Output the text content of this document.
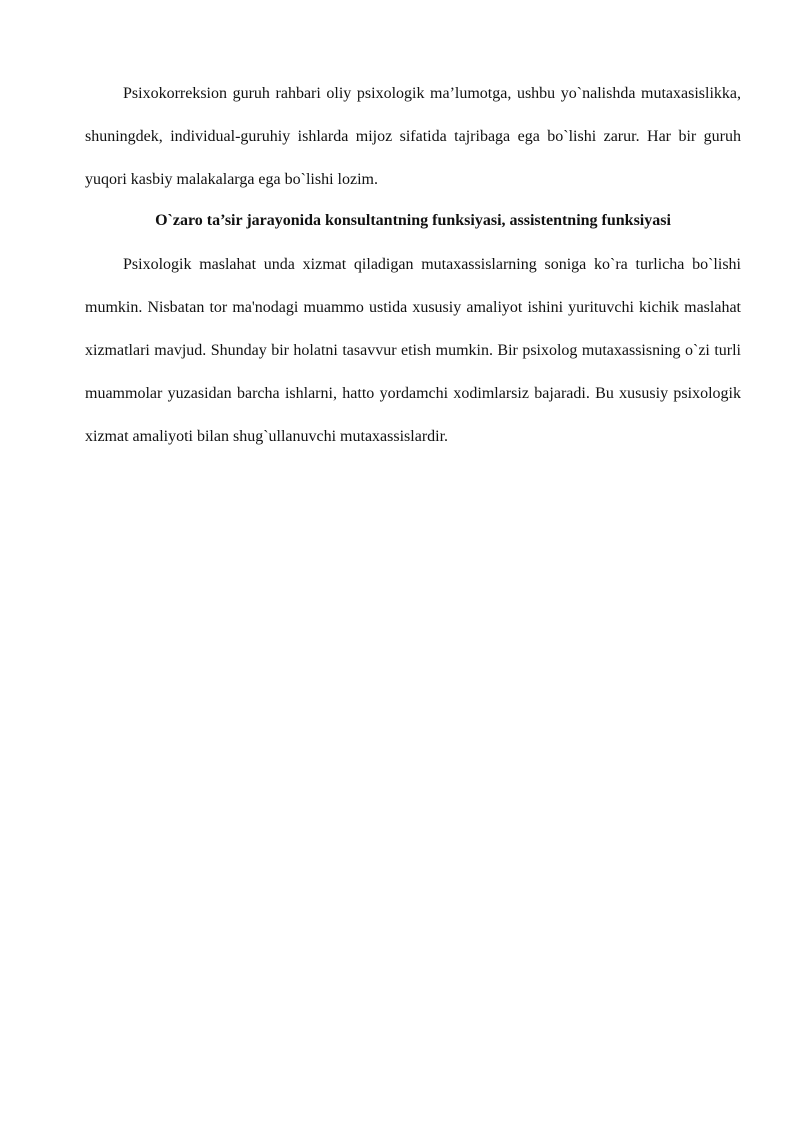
Psixokorreksion guruh rahbari oliy psixologik ma’lumotga, ushbu yo`nalishda mutaxasislikka, shuningdek, individual-guruhiy ishlarda mijoz sifatida tajribaga ega bo`lishi zarur. Har bir guruh yuqori kasbiy malakalarga ega bo`lishi lozim.

O`zaro ta’sir jarayonida konsultantning funksiyasi, assistentning funksiyasi

Psixologik maslahat unda xizmat qiladigan mutaxassislarning soniga ko`ra turlicha bo`lishi mumkin. Nisbatan tor ma'nodagi muammo ustida xususiy amaliyot ishini yurituvchi kichik maslahat xizmatlari mavjud. Shunday bir holatni tasavvur etish mumkin. Bir psixolog mutaxassisning o`zi turli muammolar yuzasidan barcha ishlarni, hatto yordamchi xodimlarsiz bajaradi. Bu xususiy psixologik xizmat amaliyoti bilan shug`ullanuvchi mutaxassislardir.
